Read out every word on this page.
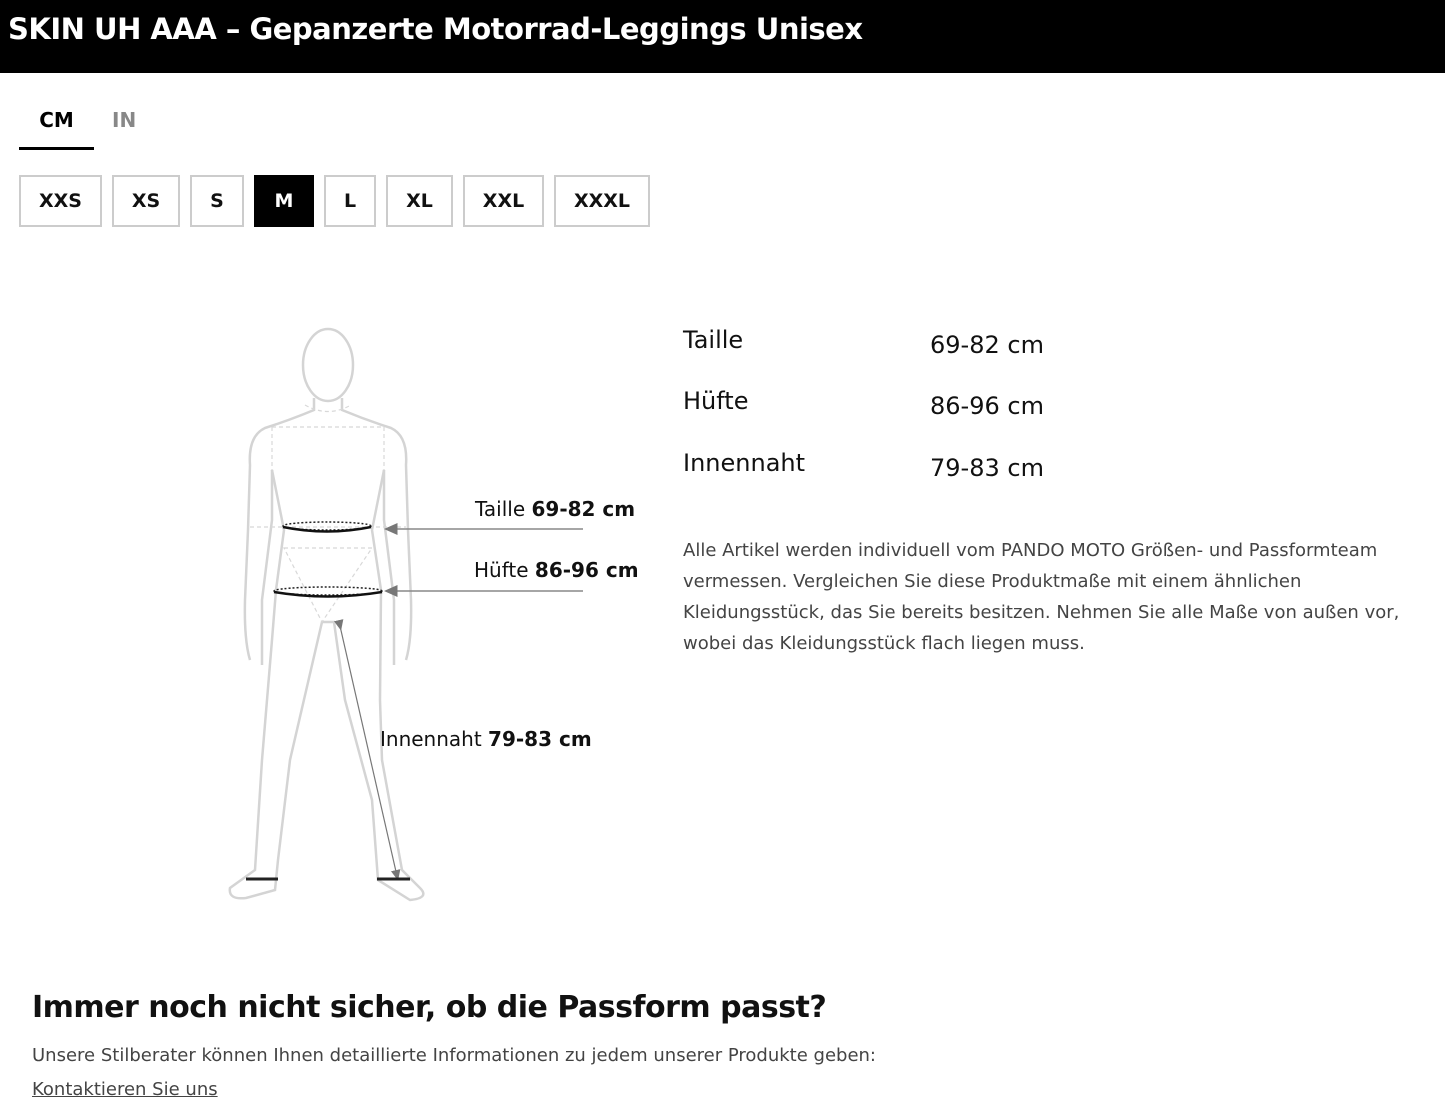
SKIN UH AAA – Gepanzerte Motorrad-Leggings Unisex
CM	IN
XXS	XS	S	M	L	XL	XXL	XXXL
Taille 69-82 cm
Hüfte 86-96 cm
Innennaht 79-83 cm
Taille	69-82 cm
Hüfte	86-96 cm
Innennaht	79-83 cm
Alle Artikel werden individuell vom PANDO MOTO Größen- und Passformteam vermessen. Vergleichen Sie diese Produktmaße mit einem ähnlichen Kleidungsstück, das Sie bereits besitzen. Nehmen Sie alle Maße von außen vor, wobei das Kleidungsstück flach liegen muss.
Immer noch nicht sicher, ob die Passform passt?

Unsere Stilberater können Ihnen detaillierte Informationen zu jedem unserer Produkte geben:

Kontaktieren Sie uns
